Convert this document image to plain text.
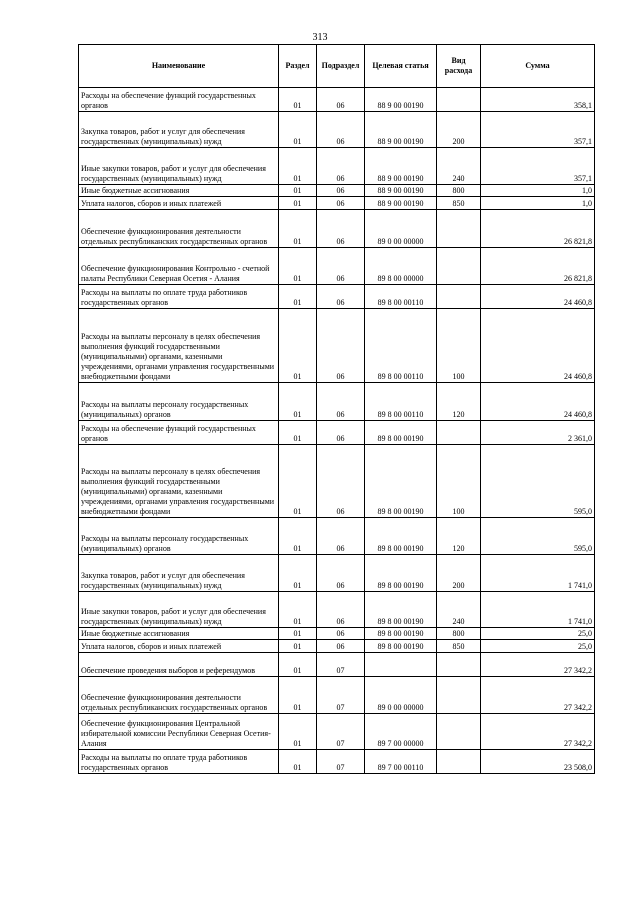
313
Наименование	Раздел	Подраздел	Целевая статья	Вид расхода	Сумма
Расходы на обеспечение функций государственных органов	01	06	88 9 00 00190		358,1
Закупка товаров, работ и услуг для обеспечения государственных (муниципальных) нужд	01	06	88 9 00 00190	200	357,1
Иные закупки товаров, работ и услуг для обеспечения государственных (муниципальных) нужд	01	06	88 9 00 00190	240	357,1
Иные бюджетные ассигнования	01	06	88 9 00 00190	800	1,0
Уплата налогов, сборов и иных платежей	01	06	88 9 00 00190	850	1,0
Обеспечение функционирования деятельности отдельных республиканских государственных органов	01	06	89 0 00 00000		26 821,8
Обеспечение функционирования Контрольно - счетной палаты Республики Северная Осетия - Алания	01	06	89 8 00 00000		26 821,8
Расходы на выплаты по оплате труда работников государственных органов	01	06	89 8 00 00110		24 460,8
Расходы на выплаты персоналу в целях обеспечения выполнения функций государственными (муниципальными) органами, казенными учреждениями, органами управления государственными внебюджетными фондами	01	06	89 8 00 00110	100	24 460,8
Расходы на выплаты персоналу государственных (муниципальных) органов	01	06	89 8 00 00110	120	24 460,8
Расходы на обеспечение функций государственных органов	01	06	89 8 00 00190		2 361,0
Расходы на выплаты персоналу в целях обеспечения выполнения функций государственными (муниципальными) органами, казенными учреждениями, органами управления государственными внебюджетными фондами	01	06	89 8 00 00190	100	595,0
Расходы на выплаты персоналу государственных (муниципальных) органов	01	06	89 8 00 00190	120	595,0
Закупка товаров, работ и услуг для обеспечения государственных (муниципальных) нужд	01	06	89 8 00 00190	200	1 741,0
Иные закупки товаров, работ и услуг для обеспечения государственных (муниципальных) нужд	01	06	89 8 00 00190	240	1 741,0
Иные бюджетные ассигнования	01	06	89 8 00 00190	800	25,0
Уплата налогов, сборов и иных платежей	01	06	89 8 00 00190	850	25,0
Обеспечение проведения выборов и референдумов	01	07			27 342,2
Обеспечение функционирования деятельности отдельных республиканских государственных органов	01	07	89 0 00 00000		27 342,2
Обеспечение функционирования Центральной избирательной комиссии Республики Северная Осетия-Алания	01	07	89 7 00 00000		27 342,2
Расходы на выплаты по оплате труда работников государственных органов	01	07	89 7 00 00110		23 508,0
